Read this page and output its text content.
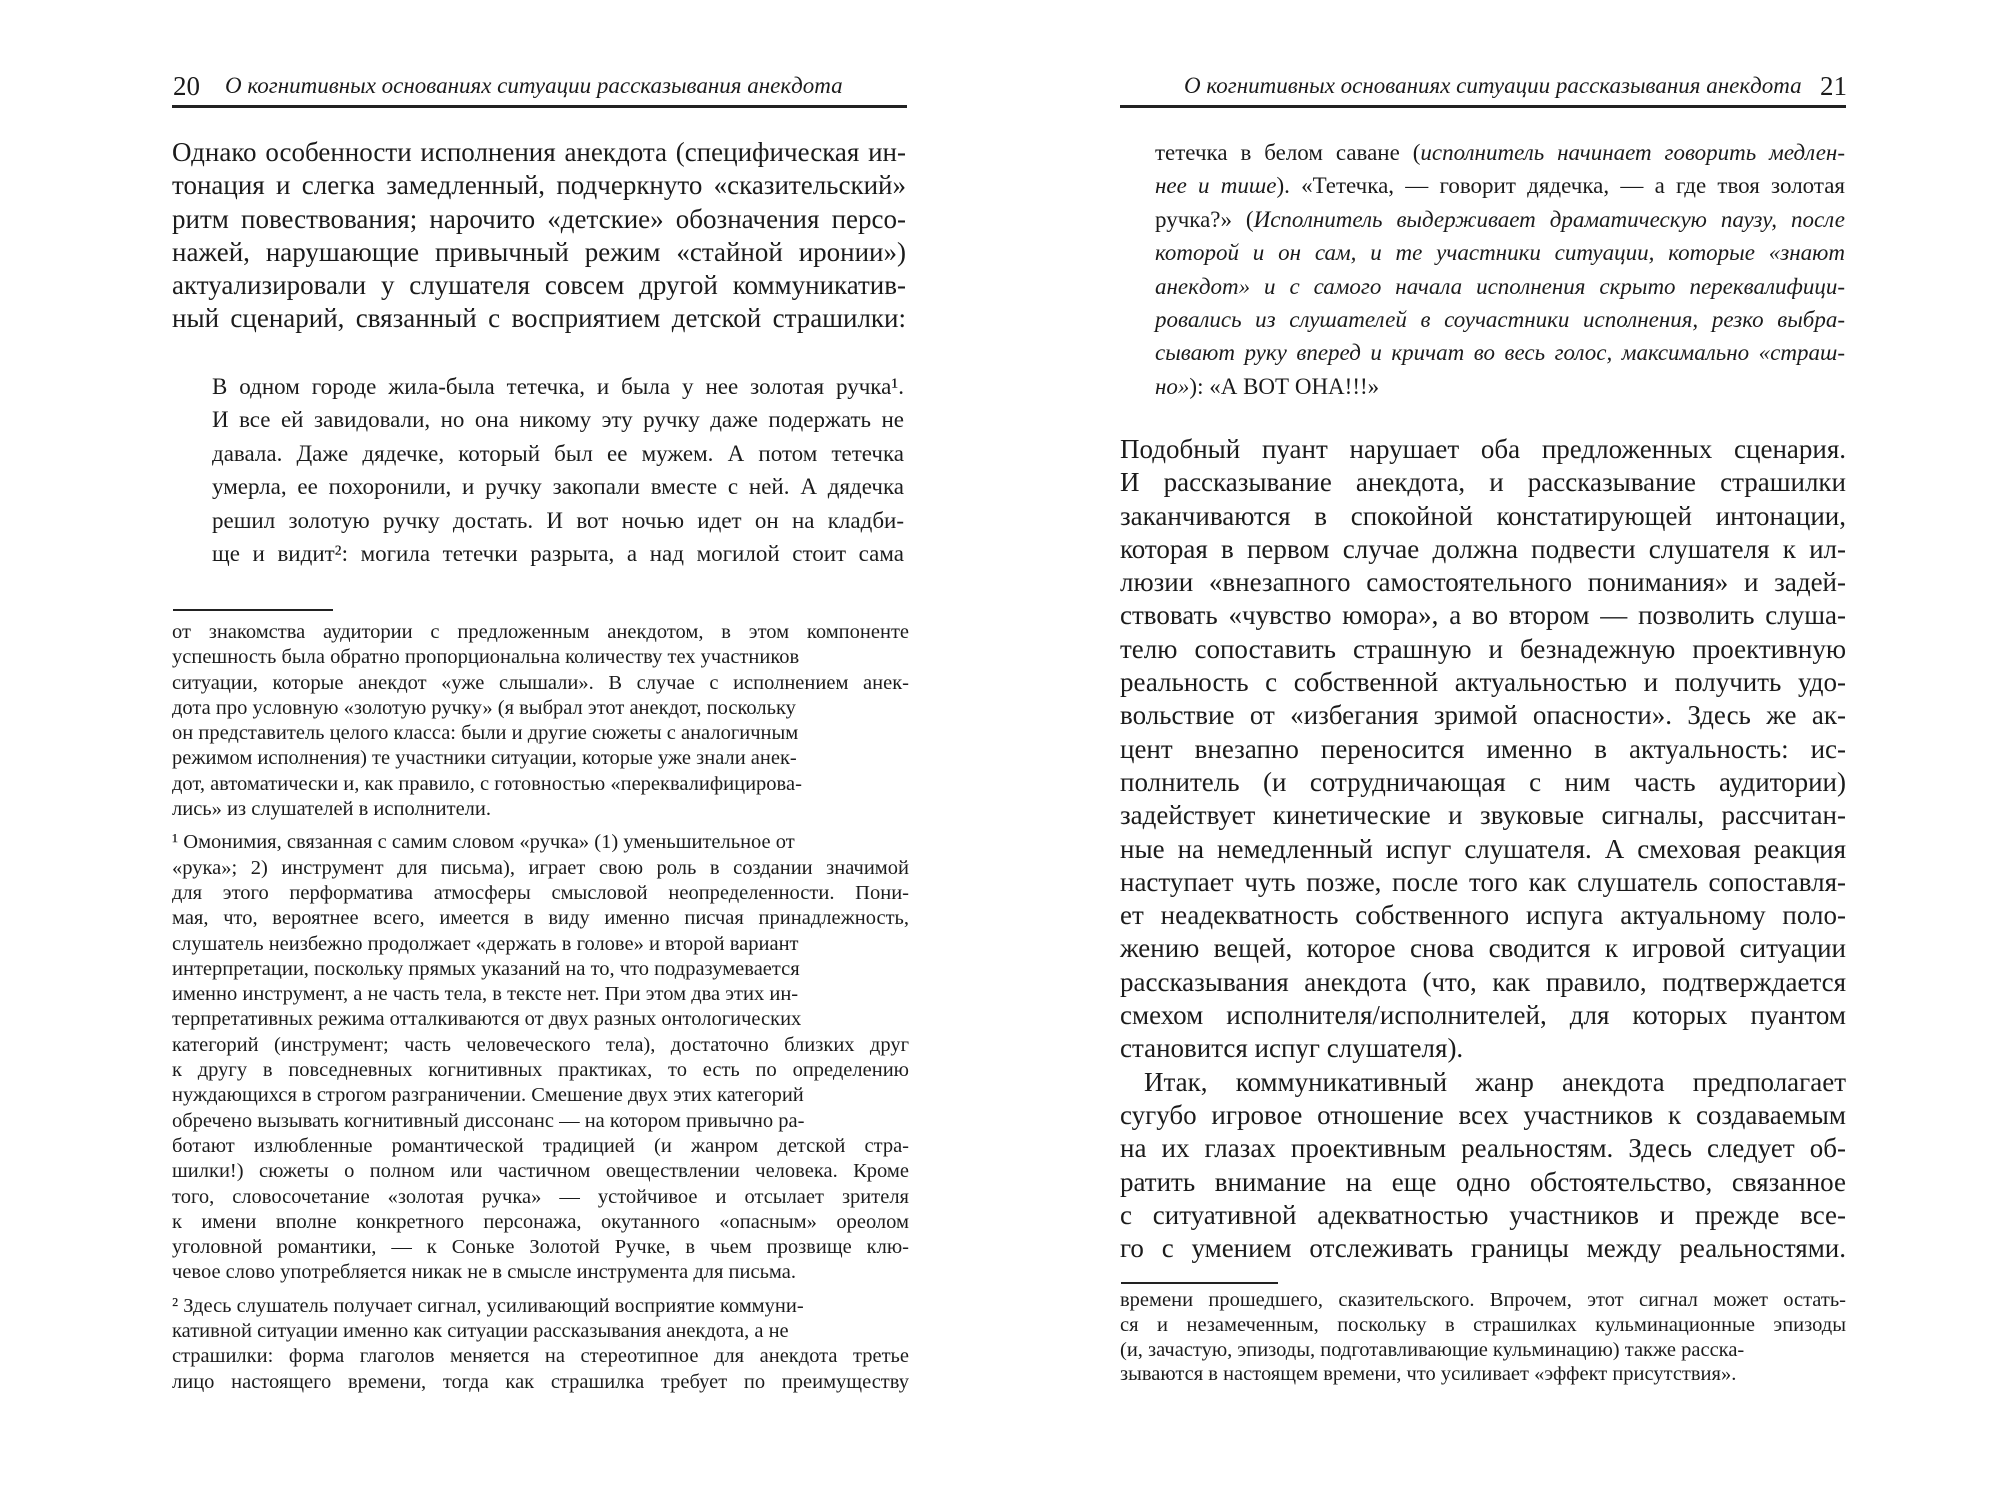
20 О когнитивных основаниях ситуации рассказывания анекдота
Однако особенности исполнения анекдота (специфическая ин-
тонация и слегка замедленный, подчеркнуто «сказительский»
ритм повествования; нарочито «детские» обозначения персо-
нажей, нарушающие привычный режим «стайной иронии»)
актуализировали у слушателя совсем другой коммуникатив-
ный сценарий, связанный с восприятием детской страшилки:
В одном городе жила-была тетечка, и была у нее золотая ручка¹.
И все ей завидовали, но она никому эту ручку даже подержать не
давала. Даже дядечке, который был ее мужем. А потом тетечка
умерла, ее похоронили, и ручку закопали вместе с ней. А дядечка
решил золотую ручку достать. И вот ночью идет он на кладби-
ще и видит²: могила тетечки разрыта, а над могилой стоит сама
от знакомства аудитории с предложенным анекдотом, в этом компоненте
успешность была обратно пропорциональна количеству тех участников
ситуации, которые анекдот «уже слышали». В случае с исполнением анек-
дота про условную «золотую ручку» (я выбрал этот анекдот, поскольку
он представитель целого класса: были и другие сюжеты с аналогичным
режимом исполнения) те участники ситуации, которые уже знали анек-
дот, автоматически и, как правило, с готовностью «переквалифицирова-
лись» из слушателей в исполнители.
¹ Омонимия, связанная с самим словом «ручка» (1) уменьшительное от
«рука»; 2) инструмент для письма), играет свою роль в создании значимой
для этого перформатива атмосферы смысловой неопределенности. Пони-
мая, что, вероятнее всего, имеется в виду именно писчая принадлежность,
слушатель неизбежно продолжает «держать в голове» и второй вариант
интерпретации, поскольку прямых указаний на то, что подразумевается
именно инструмент, а не часть тела, в тексте нет. При этом два этих ин-
терпретативных режима отталкиваются от двух разных онтологических
категорий (инструмент; часть человеческого тела), достаточно близких друг
к другу в повседневных когнитивных практиках, то есть по определению
нуждающихся в строгом разграничении. Смешение двух этих категорий
обречено вызывать когнитивный диссонанс — на котором привычно ра-
ботают излюбленные романтической традицией (и жанром детской стра-
шилки!) сюжеты о полном или частичном овеществлении человека. Кроме
того, словосочетание «золотая ручка» — устойчивое и отсылает зрителя
к имени вполне конкретного персонажа, окутанного «опасным» ореолом
уголовной романтики, — к Соньке Золотой Ручке, в чьем прозвище клю-
чевое слово употребляется никак не в смысле инструмента для письма.
² Здесь слушатель получает сигнал, усиливающий восприятие коммуни-
кативной ситуации именно как ситуации рассказывания анекдота, а не
страшилки: форма глаголов меняется на стереотипное для анекдота третье
лицо настоящего времени, тогда как страшилка требует по преимуществу
О когнитивных основаниях ситуации рассказывания анекдота 21
тетечка в белом саване (исполнитель начинает говорить медлен-
нее и тише). «Тетечка, — говорит дядечка, — а где твоя золотая
ручка?» (Исполнитель выдерживает драматическую паузу, после
которой и он сам, и те участники ситуации, которые «знают
анекдот» и с самого начала исполнения скрыто переквалифици-
ровались из слушателей в соучастники исполнения, резко выбра-
сывают руку вперед и кричат во весь голос, максимально «страш-
но»): «А ВОТ ОНА!!!»
Подобный пуант нарушает оба предложенных сценария.
И рассказывание анекдота, и рассказывание страшилки
заканчиваются в спокойной констатирующей интонации,
которая в первом случае должна подвести слушателя к ил-
люзии «внезапного самостоятельного понимания» и задей-
ствовать «чувство юмора», а во втором — позволить слуша-
телю сопоставить страшную и безнадежную проективную
реальность с собственной актуальностью и получить удо-
вольствие от «избегания зримой опасности». Здесь же ак-
цент внезапно переносится именно в актуальность: ис-
полнитель (и сотрудничающая с ним часть аудитории)
задействует кинетические и звуковые сигналы, рассчитан-
ные на немедленный испуг слушателя. А смеховая реакция
наступает чуть позже, после того как слушатель сопоставля-
ет неадекватность собственного испуга актуальному поло-
жению вещей, которое снова сводится к игровой ситуации
рассказывания анекдота (что, как правило, подтверждается
смехом исполнителя/исполнителей, для которых пуантом
становится испуг слушателя).
Итак, коммуникативный жанр анекдота предполагает
сугубо игровое отношение всех участников к создаваемым
на их глазах проективным реальностям. Здесь следует об-
ратить внимание на еще одно обстоятельство, связанное
с ситуативной адекватностью участников и прежде все-
го с умением отслеживать границы между реальностями.
времени прошедшего, сказительского. Впрочем, этот сигнал может остать-
ся и незамеченным, поскольку в страшилках кульминационные эпизоды
(и, зачастую, эпизоды, подготавливающие кульминацию) также расска-
зываются в настоящем времени, что усиливает «эффект присутствия».
